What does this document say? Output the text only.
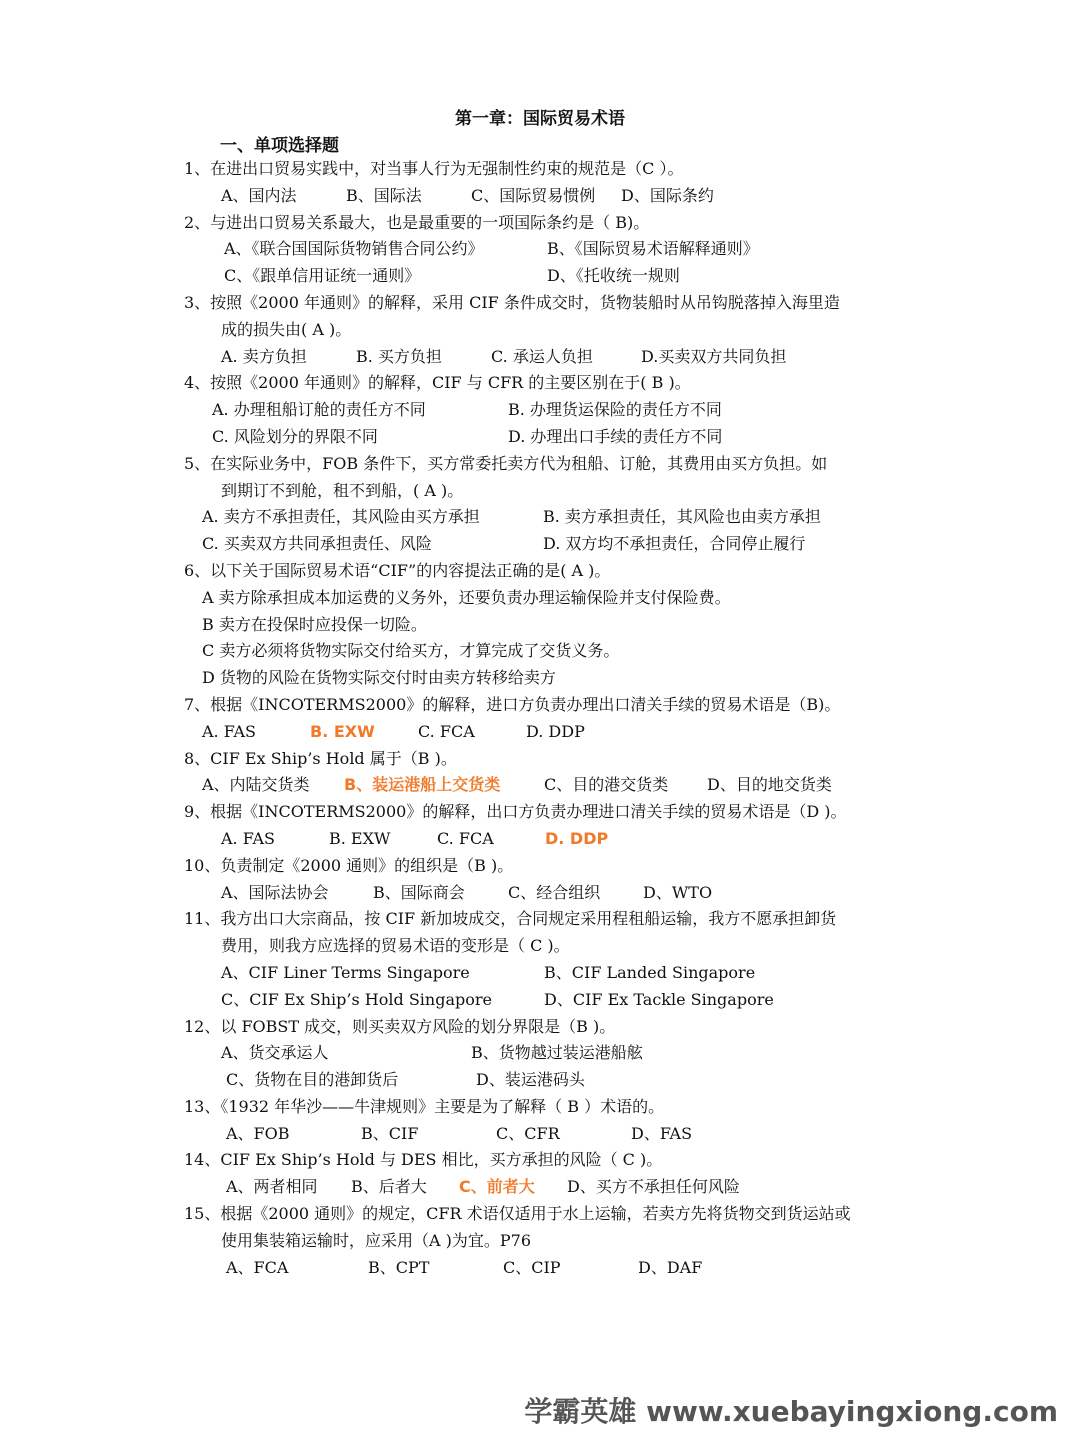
第一章：国际贸易术语
一、单项选择题
1、在进出口贸易实践中，对当事人行为无强制性约束的规范是（C ）。
A、国内法	B、国际法	C、国际贸易惯例	D、国际条约
2、与进出口贸易关系最大，也是最重要的一项国际条约是（ B)。
A、《联合国国际货物销售合同公约》	B、《国际贸易术语解释通则》
C、《跟单信用证统一通则》	D、《托收统一规则
3、按照《2000 年通则》的解释，采用 CIF 条件成交时，货物装船时从吊钩脱落掉入海里造
成的损失由( A )。
A. 卖方负担	B. 买方负担	C. 承运人负担	D.买卖双方共同负担
4、按照《2000 年通则》的解释，CIF 与 CFR 的主要区别在于( B )。
A. 办理租船订舱的责任方不同	B. 办理货运保险的责任方不同
C. 风险划分的界限不同	D. 办理出口手续的责任方不同
5、在实际业务中，FOB 条件下，买方常委托卖方代为租船、订舱，其费用由买方负担。如
到期订不到舱，租不到船，( A )。
A. 卖方不承担责任，其风险由买方承担	B. 卖方承担责任，其风险也由卖方承担
C. 买卖双方共同承担责任、风险	D. 双方均不承担责任，合同停止履行
6、以下关于国际贸易术语“CIF”的内容提法正确的是( A )。
A 卖方除承担成本加运费的义务外，还要负责办理运输保险并支付保险费。
B 卖方在投保时应投保一切险。
C 卖方必须将货物实际交付给买方，才算完成了交货义务。
D 货物的风险在货物实际交付时由卖方转移给卖方
7、根据《INCOTERMS2000》的解释，进口方负责办理出口清关手续的贸易术语是（B)。
A. FAS	B. EXW	C. FCA	D. DDP
8、CIF Ex Ship’s Hold 属于（B )。
A、内陆交货类	B、装运港船上交货类	C、目的港交货类	D、目的地交货类
9、根据《INCOTERMS2000》的解释，出口方负责办理进口清关手续的贸易术语是（D )。
A. FAS	B. EXW	C. FCA	D. DDP
10、负责制定《2000 通则》的组织是（B )。
A、国际法协会	B、国际商会	C、经合组织	D、WTO
11、我方出口大宗商品，按 CIF 新加坡成交，合同规定采用程租船运输，我方不愿承担卸货
费用，则我方应选择的贸易术语的变形是（ C )。
A、CIF Liner Terms Singapore	B、CIF Landed Singapore
C、CIF Ex Ship’s Hold Singapore	D、CIF Ex Tackle Singapore
12、以 FOBST 成交，则买卖双方风险的划分界限是（B )。
A、货交承运人	B、货物越过装运港船舷
C、货物在目的港卸货后	D、装运港码头
13、《1932 年华沙——牛津规则》主要是为了解释（ B ）术语的。
A、FOB	B、CIF	C、CFR	D、FAS
14、CIF Ex Ship’s Hold 与 DES 相比，买方承担的风险（ C )。
A、两者相同	B、后者大	C、前者大	D、买方不承担任何风险
15、根据《2000 通则》的规定，CFR 术语仅适用于水上运输，若卖方先将货物交到货运站或
使用集装箱运输时，应采用（A )为宜。P76
A、FCA	B、CPT	C、CIP	D、DAF
学霸英雄 www.xuebayingxiong.com
